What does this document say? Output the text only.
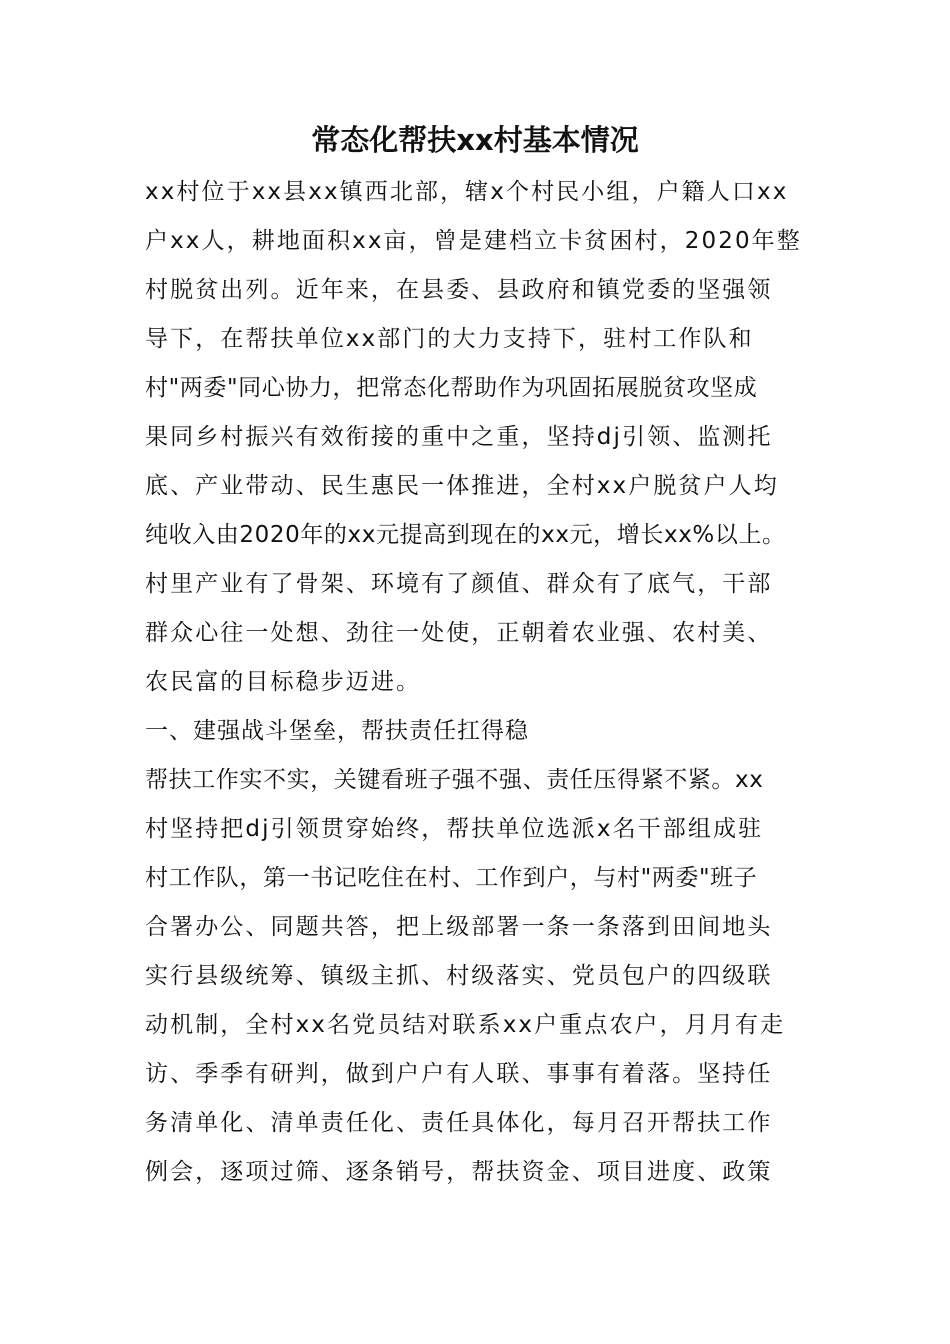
常态化帮扶xx村基本情况
xx村位于xx县xx镇西北部，辖x个村民小组，户籍人口xx
户xx人，耕地面积xx亩，曾是建档立卡贫困村，2020年整
村脱贫出列。近年来，在县委、县政府和镇党委的坚强领
导下，在帮扶单位xx部门的大力支持下，驻村工作队和
村"两委"同心协力，把常态化帮助作为巩固拓展脱贫攻坚成
果同乡村振兴有效衔接的重中之重，坚持dj引领、监测托
底、产业带动、民生惠民一体推进，全村xx户脱贫户人均
纯收入由2020年的xx元提高到现在的xx元，增长xx%以上。
村里产业有了骨架、环境有了颜值、群众有了底气，干部
群众心往一处想、劲往一处使，正朝着农业强、农村美、
农民富的目标稳步迈进。
一、建强战斗堡垒，帮扶责任扛得稳
帮扶工作实不实，关键看班子强不强、责任压得紧不紧。xx
村坚持把dj引领贯穿始终，帮扶单位选派x名干部组成驻
村工作队，第一书记吃住在村、工作到户，与村"两委"班子
合署办公、同题共答，把上级部署一条一条落到田间地头
实行县级统筹、镇级主抓、村级落实、党员包户的四级联
动机制，全村xx名党员结对联系xx户重点农户，月月有走
访、季季有研判，做到户户有人联、事事有着落。坚持任
务清单化、清单责任化、责任具体化，每月召开帮扶工作
例会，逐项过筛、逐条销号，帮扶资金、项目进度、政策
